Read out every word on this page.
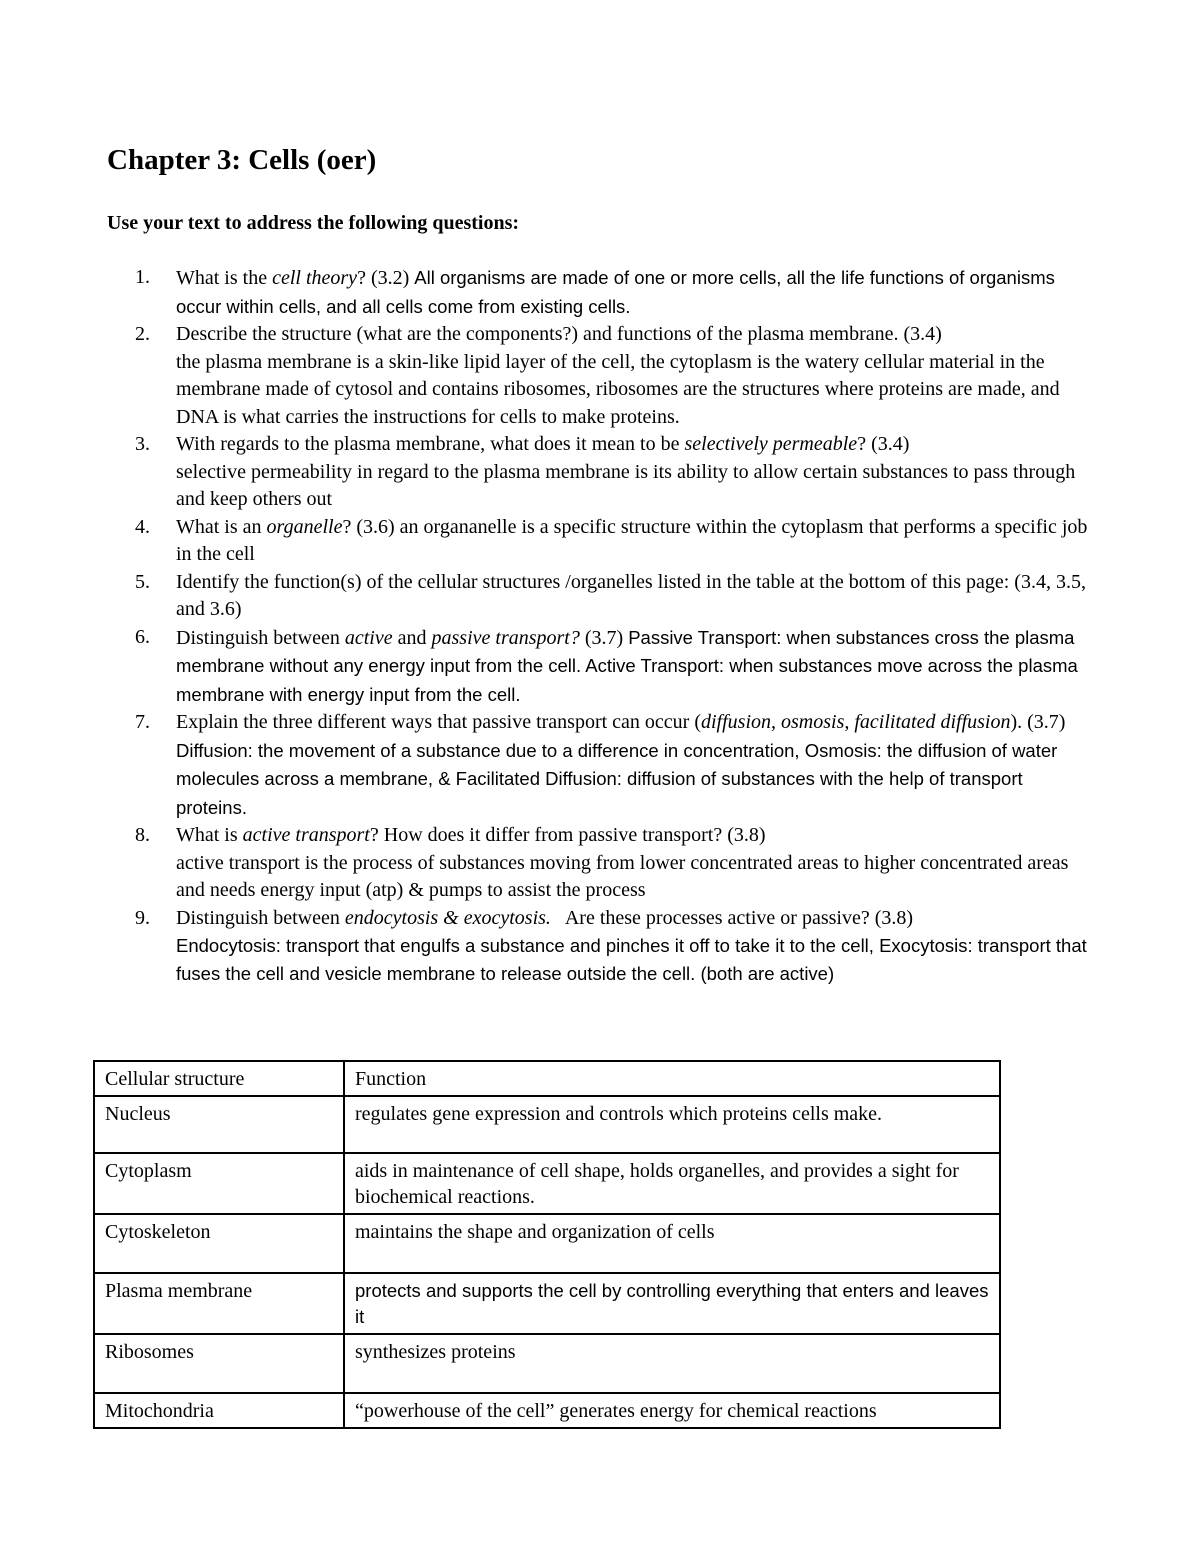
Chapter 3: Cells (oer)

Use your text to address the following questions:

1. What is the cell theory? (3.2) All organisms are made of one or more cells, all the life functions of organisms occur within cells, and all cells come from existing cells.
2. Describe the structure (what are the components?) and functions of the plasma membrane. (3.4)
the plasma membrane is a skin-like lipid layer of the cell, the cytoplasm is the watery cellular material in the membrane made of cytosol and contains ribosomes, ribosomes are the structures where proteins are made, and DNA is what carries the instructions for cells to make proteins.
3. With regards to the plasma membrane, what does it mean to be selectively permeable? (3.4)
selective permeability in regard to the plasma membrane is its ability to allow certain substances to pass through and keep others out
4. What is an organelle? (3.6) an organanelle is a specific structure within the cytoplasm that performs a specific job in the cell
5. Identify the function(s) of the cellular structures /organelles listed in the table at the bottom of this page: (3.4, 3.5, and 3.6)
6. Distinguish between active and passive transport? (3.7) Passive Transport: when substances cross the plasma membrane without any energy input from the cell. Active Transport: when substances move across the plasma membrane with energy input from the cell.
7. Explain the three different ways that passive transport can occur (diffusion, osmosis, facilitated diffusion). (3.7) Diffusion: the movement of a substance due to a difference in concentration, Osmosis: the diffusion of water molecules across a membrane, & Facilitated Diffusion: diffusion of substances with the help of transport proteins.
8. What is active transport? How does it differ from passive transport? (3.8)
active transport is the process of substances moving from lower concentrated areas to higher concentrated areas and needs energy input (atp) & pumps to assist the process
9. Distinguish between endocytosis & exocytosis.   Are these processes active or passive? (3.8)
Endocytosis: transport that engulfs a substance and pinches it off to take it to the cell, Exocytosis: transport that fuses the cell and vesicle membrane to release outside the cell. (both are active)
Cellular structure	Function
Nucleus	regulates gene expression and controls which proteins cells make.
Cytoplasm	aids in maintenance of cell shape, holds organelles, and provides a sight for biochemical reactions.
Cytoskeleton	maintains the shape and organization of cells
Plasma membrane	protects and supports the cell by controlling everything that enters and leaves it
Ribosomes	synthesizes proteins
Mitochondria	“powerhouse of the cell” generates energy for chemical reactions
